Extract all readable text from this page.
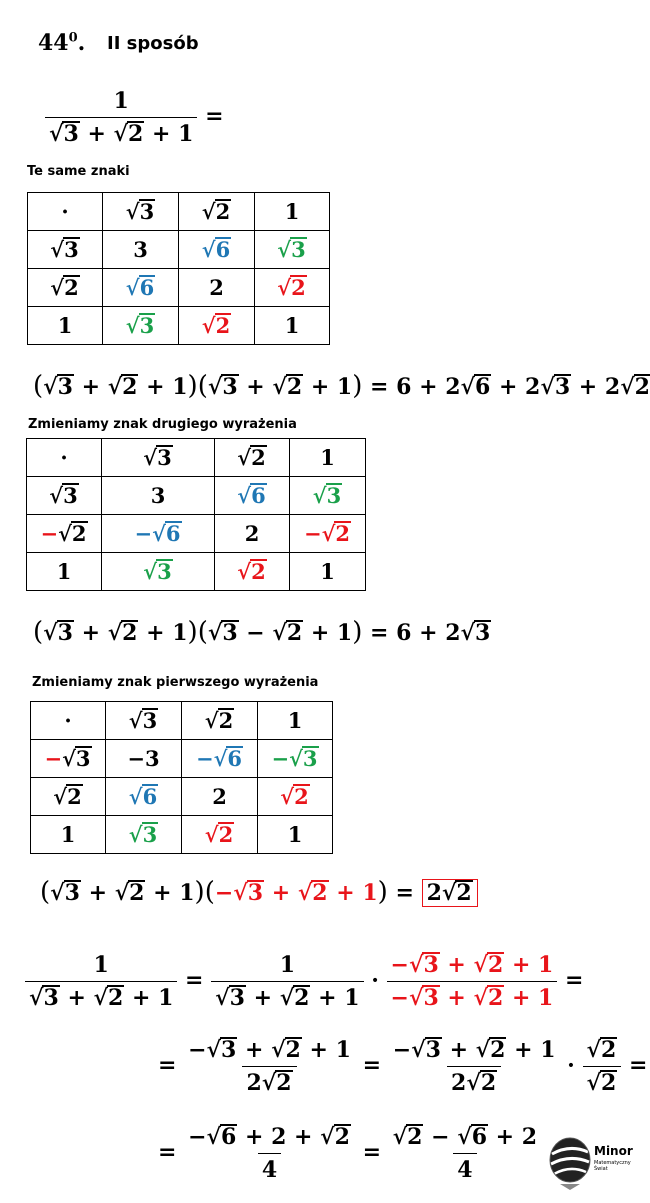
$44^0$. II sposób
$\frac{1}{√3 + √2 + 1}$ =
Te same znaki
·	√3	√2	1
√3	3	√6	√3
√2	√6	2	√2
1	√3	√2	1
(√3 + √2 + 1)(√3 + √2 + 1) = 6 + 2√6 + 2√3 + 2√2
Zmieniamy znak drugiego wyrażenia
·	√3	√2	1
√3	3	√6	√3
−√2	−√6	2	−√2
1	√3	√2	1
(√3 + √2 + 1)(√3 − √2 + 1) = 6 + 2√3
Zmieniamy znak pierwszego wyrażenia
·	√3	√2	1
−√3	−3	−√6	−√3
√2	√6	2	√2
1	√3	√2	1
(√3 + √2 + 1)(−√3 + √2 + 1) = 2√2
$\frac{1}{√3 + √2 + 1} = \frac{1}{√3 + √2 + 1} \cdot \frac{-√3 + √2 + 1}{-√3 + √2 + 1}$ =
= $\frac{-√3 + √2 + 1}{2√2} = \frac{-√3 + √2 + 1}{2√2} \cdot \frac{√2}{√2}$ =
= $\frac{-√6 + 2 + √2}{4} = \frac{√2 - √6 + 2}{4}$	Minor
Matematyczny Świat
